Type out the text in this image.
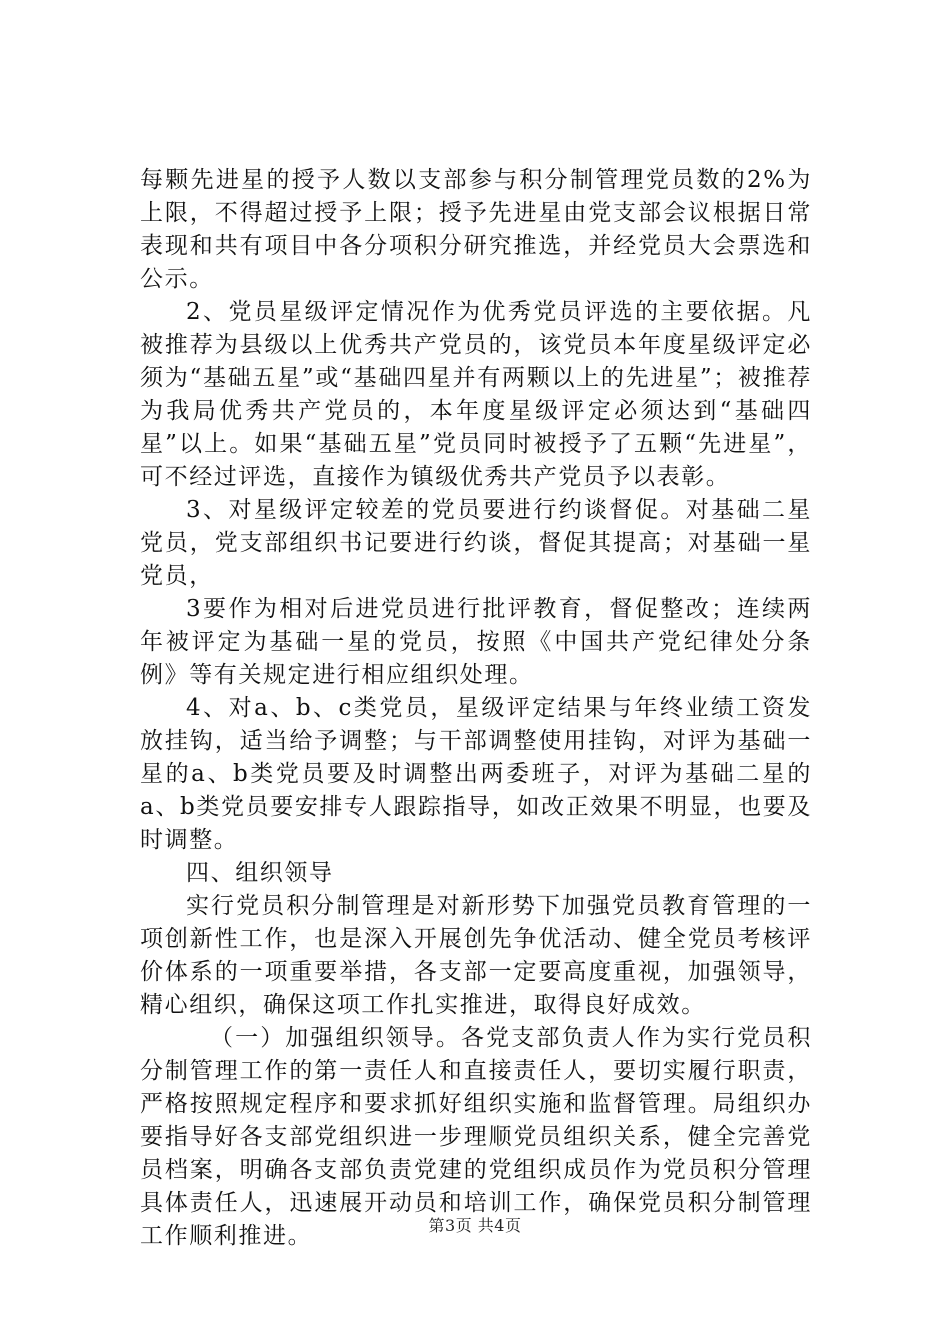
每颗先进星的授予人数以支部参与积分制管理党员数的2%为上限，不得超过授予上限；授予先进星由党支部会议根据日常表现和共有项目中各分项积分研究推选，并经党员大会票选和公示。

2、党员星级评定情况作为优秀党员评选的主要依据。凡被推荐为县级以上优秀共产党员的，该党员本年度星级评定必须为“基础五星”或“基础四星并有两颗以上的先进星”；被推荐为我局优秀共产党员的，本年度星级评定必须达到“基础四星”以上。如果“基础五星”党员同时被授予了五颗“先进星”，可不经过评选，直接作为镇级优秀共产党员予以表彰。

3、对星级评定较差的党员要进行约谈督促。对基础二星党员，党支部组织书记要进行约谈，督促其提高；对基础一星党员，

3要作为相对后进党员进行批评教育，督促整改；连续两年被评定为基础一星的党员，按照《中国共产党纪律处分条例》等有关规定进行相应组织处理。

4、对a、b、c类党员，星级评定结果与年终业绩工资发放挂钩，适当给予调整；与干部调整使用挂钩，对评为基础一星的a、b类党员要及时调整出两委班子，对评为基础二星的a、b类党员要安排专人跟踪指导，如改正效果不明显，也要及时调整。

四、组织领导

实行党员积分制管理是对新形势下加强党员教育管理的一项创新性工作，也是深入开展创先争优活动、健全党员考核评价体系的一项重要举措，各支部一定要高度重视，加强领导，精心组织，确保这项工作扎实推进，取得良好成效。

（一）加强组织领导。各党支部负责人作为实行党员积分制管理工作的第一责任人和直接责任人，要切实履行职责，严格按照规定程序和要求抓好组织实施和监督管理。局组织办要指导好各支部党组织进一步理顺党员组织关系，健全完善党员档案，明确各支部负责党建的党组织成员作为党员积分管理具体责任人，迅速展开动员和培训工作，确保党员积分制管理工作顺利推进。	第3页 共4页
